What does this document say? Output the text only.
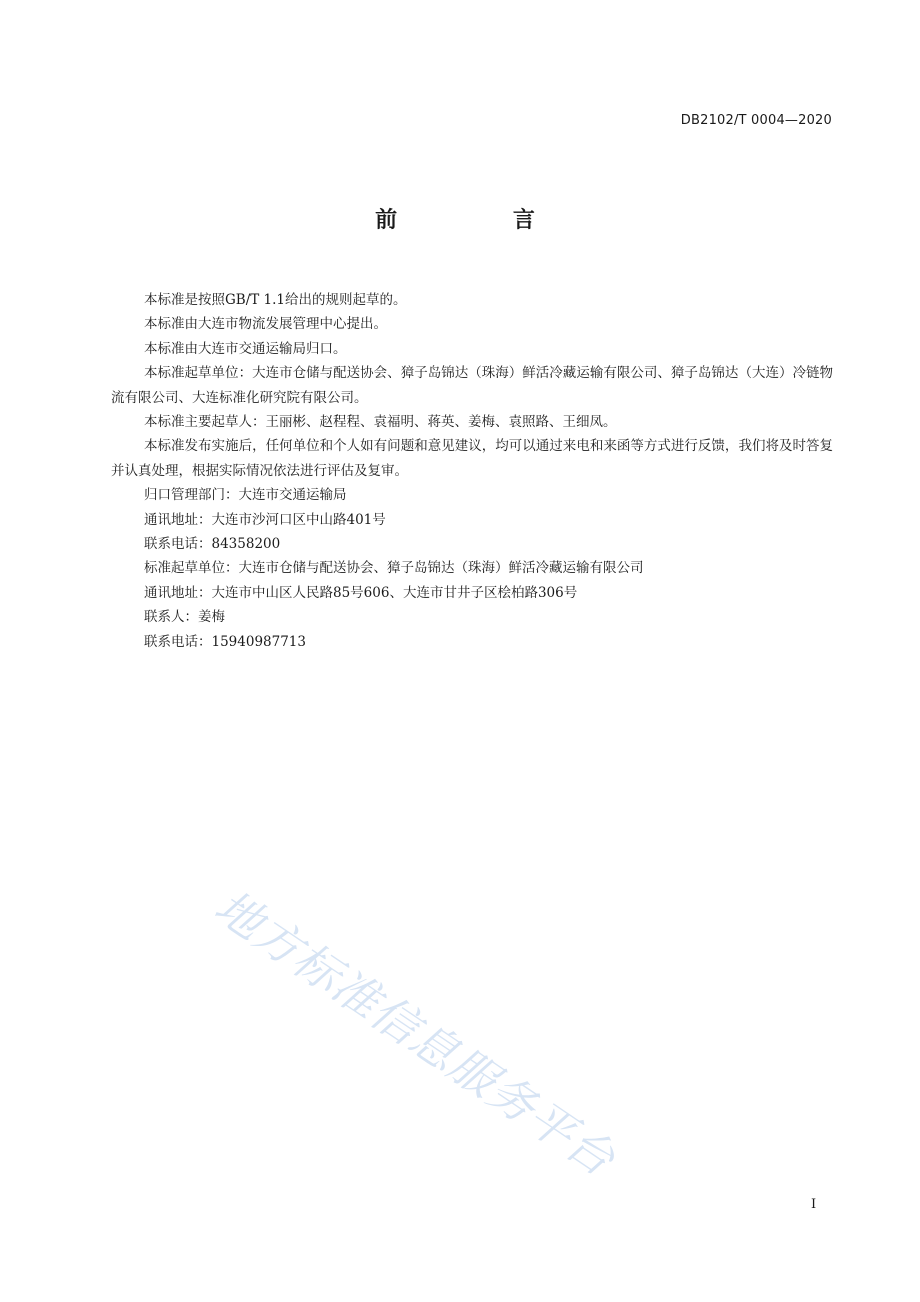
DB2102/T 0004—2020
前 言

本标准是按照GB/T 1.1给出的规则起草的。

本标准由大连市物流发展管理中心提出。

本标准由大连市交通运输局归口。

本标准起草单位：大连市仓储与配送协会、獐子岛锦达（珠海）鲜活冷藏运输有限公司、獐子岛锦达（大连）冷链物流有限公司、大连标准化研究院有限公司。

本标准主要起草人：王丽彬、赵程程、袁福明、蒋英、姜梅、袁照路、王细凤。

本标准发布实施后，任何单位和个人如有问题和意见建议，均可以通过来电和来函等方式进行反馈，我们将及时答复并认真处理，根据实际情况依法进行评估及复审。

归口管理部门：大连市交通运输局

通讯地址：大连市沙河口区中山路401号

联系电话：84358200

标准起草单位：大连市仓储与配送协会、獐子岛锦达（珠海）鲜活冷藏运输有限公司

通讯地址：大连市中山区人民路85号606、大连市甘井子区桧柏路306号

联系人：姜梅

联系电话：15940987713

地方标准信息服务平台
I
